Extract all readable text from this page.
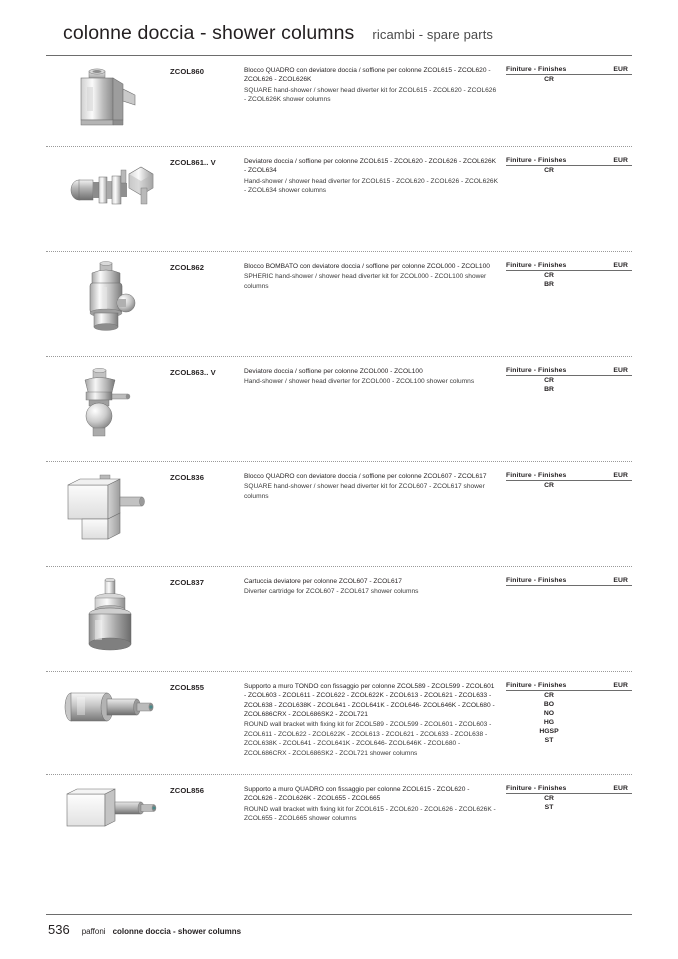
colonne doccia - shower columns ricambi - spare parts
ZCOL860	Blocco QUADRO con deviatore doccia / soffione per colonne ZCOL615 - ZCOL620 - ZCOL626 - ZCOL626K
SQUARE hand-shower / shower head diverter kit for ZCOL615 - ZCOL620 - ZCOL626 - ZCOL626K shower columns
Finiture - Finishes	EUR
CR
ZCOL861.. V	Deviatore doccia / soffione per colonne ZCOL615 - ZCOL620 - ZCOL626 - ZCOL626K - ZCOL634
Hand-shower / shower head diverter for ZCOL615 - ZCOL620 - ZCOL626 - ZCOL626K - ZCOL634 shower columns
Finiture - Finishes	EUR
CR
ZCOL862	Blocco BOMBATO con deviatore doccia / soffione per colonne ZCOL000 - ZCOL100
SPHERIC hand-shower / shower head diverter kit for ZCOL000 - ZCOL100 shower columns
Finiture - Finishes	EUR
CR
BR
ZCOL863.. V	Deviatore doccia / soffione per colonne ZCOL000 - ZCOL100
Hand-shower / shower head diverter for ZCOL000 - ZCOL100 shower columns
Finiture - Finishes	EUR
CR
BR
ZCOL836	Blocco QUADRO con deviatore doccia / soffione per colonne ZCOL607 - ZCOL617
SQUARE hand-shower / shower head diverter kit for ZCOL607 - ZCOL617 shower columns
Finiture - Finishes	EUR
CR
ZCOL837	Cartuccia deviatore per colonne ZCOL607 - ZCOL617
Diverter cartridge for ZCOL607 - ZCOL617 shower columns
Finiture - Finishes	EUR
ZCOL855	Supporto a muro TONDO con fissaggio per colonne ZCOL589 - ZCOL599 - ZCOL601 - ZCOL603 - ZCOL611 - ZCOL622 - ZCOL622K - ZCOL613 - ZCOL621 - ZCOL633 - ZCOL638 - ZCOL638K - ZCOL641 - ZCOL641K - ZCOL646- ZCOL646K - ZCOL680 - ZCOL686CRX - ZCOL686SK2 - ZCOL721
ROUND wall bracket with fixing kit for ZCOL589 - ZCOL599 - ZCOL601 - ZCOL603 - ZCOL611 - ZCOL622 - ZCOL622K - ZCOL613 - ZCOL621 - ZCOL633 - ZCOL638 - ZCOL638K - ZCOL641 - ZCOL641K - ZCOL646- ZCOL646K - ZCOL680 - ZCOL686CRX - ZCOL686SK2 - ZCOL721 shower columns
Finiture - Finishes	EUR
CR
BO
NO
HG
HGSP
ST
ZCOL856	Supporto a muro QUADRO con fissaggio per colonne ZCOL615 - ZCOL620 - ZCOL626 - ZCOL626K - ZCOL655 - ZCOL665
ROUND wall bracket with fixing kit for ZCOL615 - ZCOL620 - ZCOL626 - ZCOL626K - ZCOL655 - ZCOL665 shower columns
Finiture - Finishes	EUR
CR
ST
536 paffoni colonne doccia - shower columns
